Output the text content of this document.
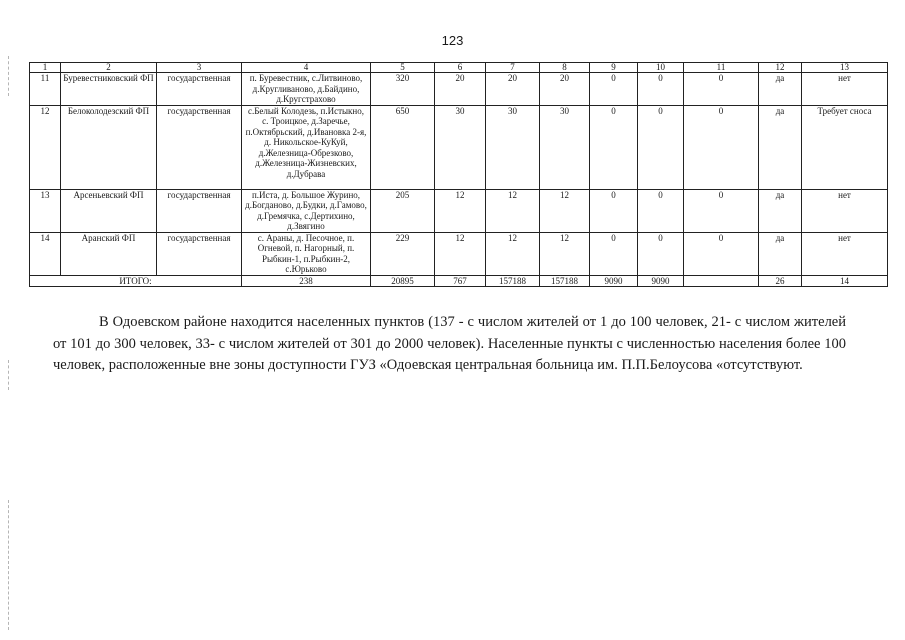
123
1	2	3	4	5	6	7	8	9	10	11	12	13
11	Буревестниковский ФП	государственная	п. Буревестник, с.Литвиново, д.Кругливаново, д.Байдино, д.Кругстрахово	320	20	20	20	0	0	0	да	нет
12	Белоколодезский ФП	государственная	с.Белый Колодезь, п.Истыкно, с. Троицкое, д.Заречье, п.Октябрьский, д.Ивановка 2-я, д. Никольское-КуКуй, д.Железница-Обрезково, д.Железница-Жизневских, д.Дубрава	650	30	30	30	0	0	0	да	Требует сноса
13	Арсеньевский ФП	государственная	п.Иста, д. Большое Журино, д.Богданово, д.Будки, д.Гамово, д.Гремячка, с.Дертихино, д.Звягино	205	12	12	12	0	0	0	да	нет
14	Аранский ФП	государственная	с. Араны, д. Песочное, п. Огневой, п. Нагорный, п. Рыбкин-1, п.Рыбкин-2, с.Юрьково	229	12	12	12	0	0	0	да	нет
ИТОГО:			238	20895	767	157188	157188	9090	9090		26	14

В Одоевском районе находится населенных пунктов (137 - с числом жителей от 1 до 100 человек, 21- с числом жителей от 101 до 300 человек, 33- с числом жителей от 301 до 2000 человек). Населенные пункты с численностью населения более 100 человек, расположенные вне зоны доступности ГУЗ «Одоевская центральная больница им. П.П.Белоусова «отсутствуют.
